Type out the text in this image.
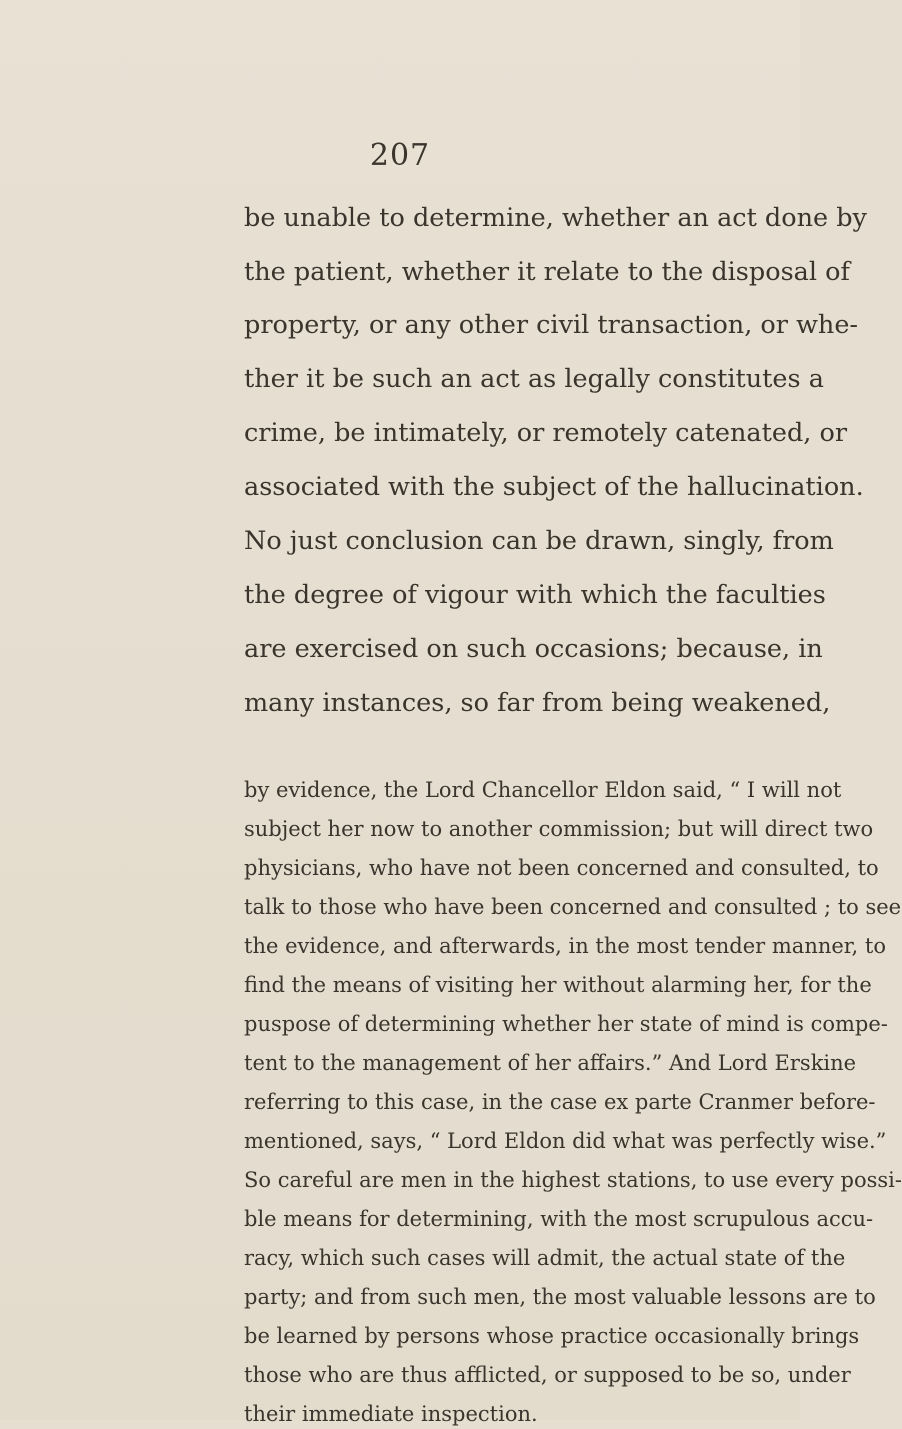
207
be unable to determine, whether an act done by
the patient, whether it relate to the disposal of
property, or any other civil transaction, or whe-
ther it be such an act as legally constitutes a
crime, be intimately, or remotely catenated, or
associated with the subject of the hallucination.
No just conclusion can be drawn, singly, from
the degree of vigour with which the faculties
are exercised on such occasions; because, in
many instances, so far from being weakened,
by evidence, the Lord Chancellor Eldon said, “ I will not
subject her now to another commission; but will direct two
physicians, who have not been concerned and consulted, to
talk to those who have been concerned and consulted ; to see
the evidence, and afterwards, in the most tender manner, to
find the means of visiting her without alarming her, for the
puspose of determining whether her state of mind is compe-
tent to the management of her affairs.” And Lord Erskine
referring to this case, in the case ex parte Cranmer before-
mentioned, says, “ Lord Eldon did what was perfectly wise.”
So careful are men in the highest stations, to use every possi-
ble means for determining, with the most scrupulous accu-
racy, which such cases will admit, the actual state of the
party; and from such men, the most valuable lessons are to
be learned by persons whose practice occasionally brings
those who are thus afflicted, or supposed to be so, under
their immediate inspection.
